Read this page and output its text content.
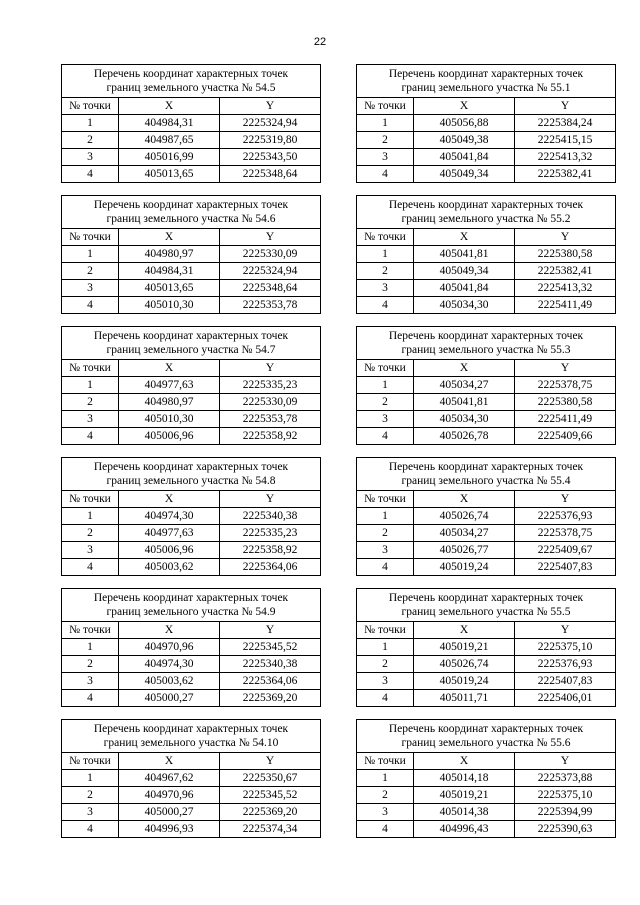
22
Перечень координат характерных точек
границ земельного участка № 54.5		
№ точки	X	Y
1	404984,31	2225324,94
2	404987,65	2225319,80
3	405016,99	2225343,50
4	405013,65	2225348,64
Перечень координат характерных точек
границ земельного участка № 54.6		
№ точки	X	Y
1	404980,97	2225330,09
2	404984,31	2225324,94
3	405013,65	2225348,64
4	405010,30	2225353,78
Перечень координат характерных точек
границ земельного участка № 54.7		
№ точки	X	Y
1	404977,63	2225335,23
2	404980,97	2225330,09
3	405010,30	2225353,78
4	405006,96	2225358,92
Перечень координат характерных точек
границ земельного участка № 54.8		
№ точки	X	Y
1	404974,30	2225340,38
2	404977,63	2225335,23
3	405006,96	2225358,92
4	405003,62	2225364,06
Перечень координат характерных точек
границ земельного участка № 54.9		
№ точки	X	Y
1	404970,96	2225345,52
2	404974,30	2225340,38
3	405003,62	2225364,06
4	405000,27	2225369,20
Перечень координат характерных точек
границ земельного участка № 54.10		
№ точки	X	Y
1	404967,62	2225350,67
2	404970,96	2225345,52
3	405000,27	2225369,20
4	404996,93	2225374,34
Перечень координат характерных точек
границ земельного участка № 55.1		
№ точки	X	Y
1	405056,88	2225384,24
2	405049,38	2225415,15
3	405041,84	2225413,32
4	405049,34	2225382,41
Перечень координат характерных точек
границ земельного участка № 55.2		
№ точки	X	Y
1	405041,81	2225380,58
2	405049,34	2225382,41
3	405041,84	2225413,32
4	405034,30	2225411,49
Перечень координат характерных точек
границ земельного участка № 55.3		
№ точки	X	Y
1	405034,27	2225378,75
2	405041,81	2225380,58
3	405034,30	2225411,49
4	405026,78	2225409,66
Перечень координат характерных точек
границ земельного участка № 55.4		
№ точки	X	Y
1	405026,74	2225376,93
2	405034,27	2225378,75
3	405026,77	2225409,67
4	405019,24	2225407,83
Перечень координат характерных точек
границ земельного участка № 55.5		
№ точки	X	Y
1	405019,21	2225375,10
2	405026,74	2225376,93
3	405019,24	2225407,83
4	405011,71	2225406,01
Перечень координат характерных точек
границ земельного участка № 55.6		
№ точки	X	Y
1	405014,18	2225373,88
2	405019,21	2225375,10
3	405014,38	2225394,99
4	404996,43	2225390,63
